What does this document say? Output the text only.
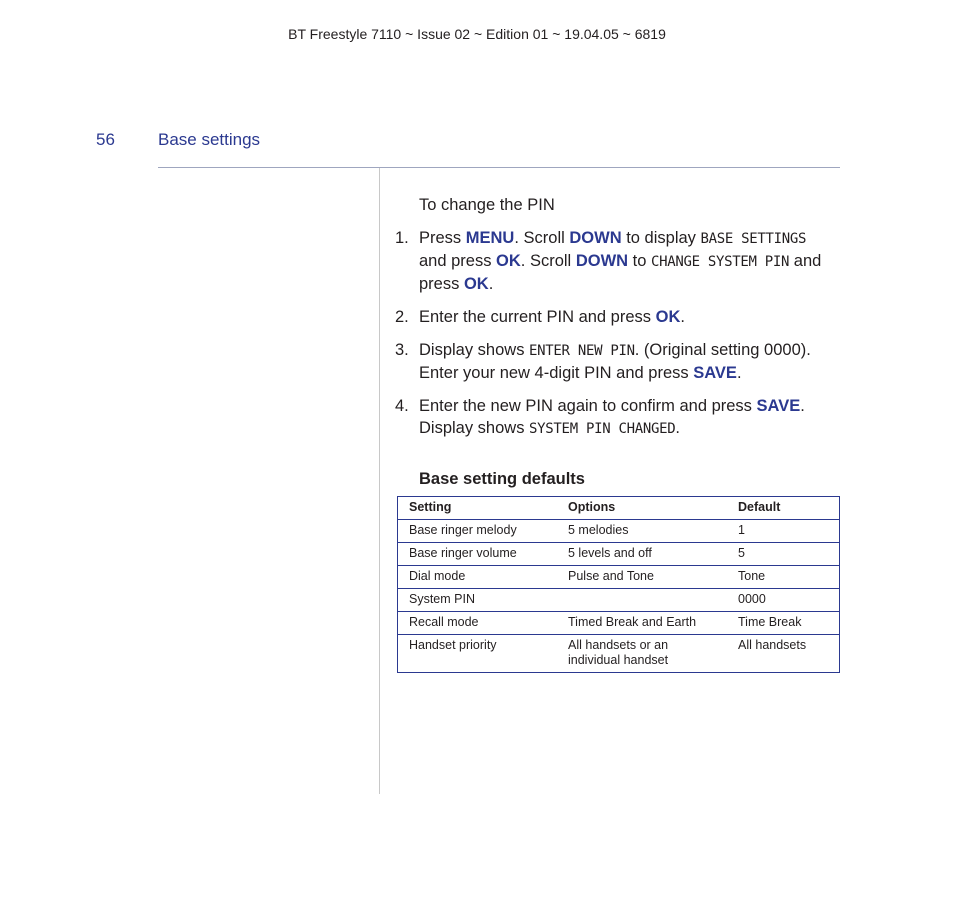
BT Freestyle 7110 ~ Issue 02 ~ Edition 01 ~ 19.04.05 ~ 6819
56	Base settings
To change the PIN
1. Press MENU. Scroll DOWN to display BASE SETTINGS and press OK. Scroll DOWN to CHANGE SYSTEM PIN and press OK.
2. Enter the current PIN and press OK.
3. Display shows ENTER NEW PIN. (Original setting 0000). Enter your new 4-digit PIN and press SAVE.
4. Enter the new PIN again to confirm and press SAVE. Display shows SYSTEM PIN CHANGED.
Base setting defaults
Setting	Options	Default
Base ringer melody	5 melodies	1
Base ringer volume	5 levels and off	5
Dial mode	Pulse and Tone	Tone
System PIN		0000
Recall mode	Timed Break and Earth	Time Break
Handset priority	All handsets or an individual handset	All handsets
